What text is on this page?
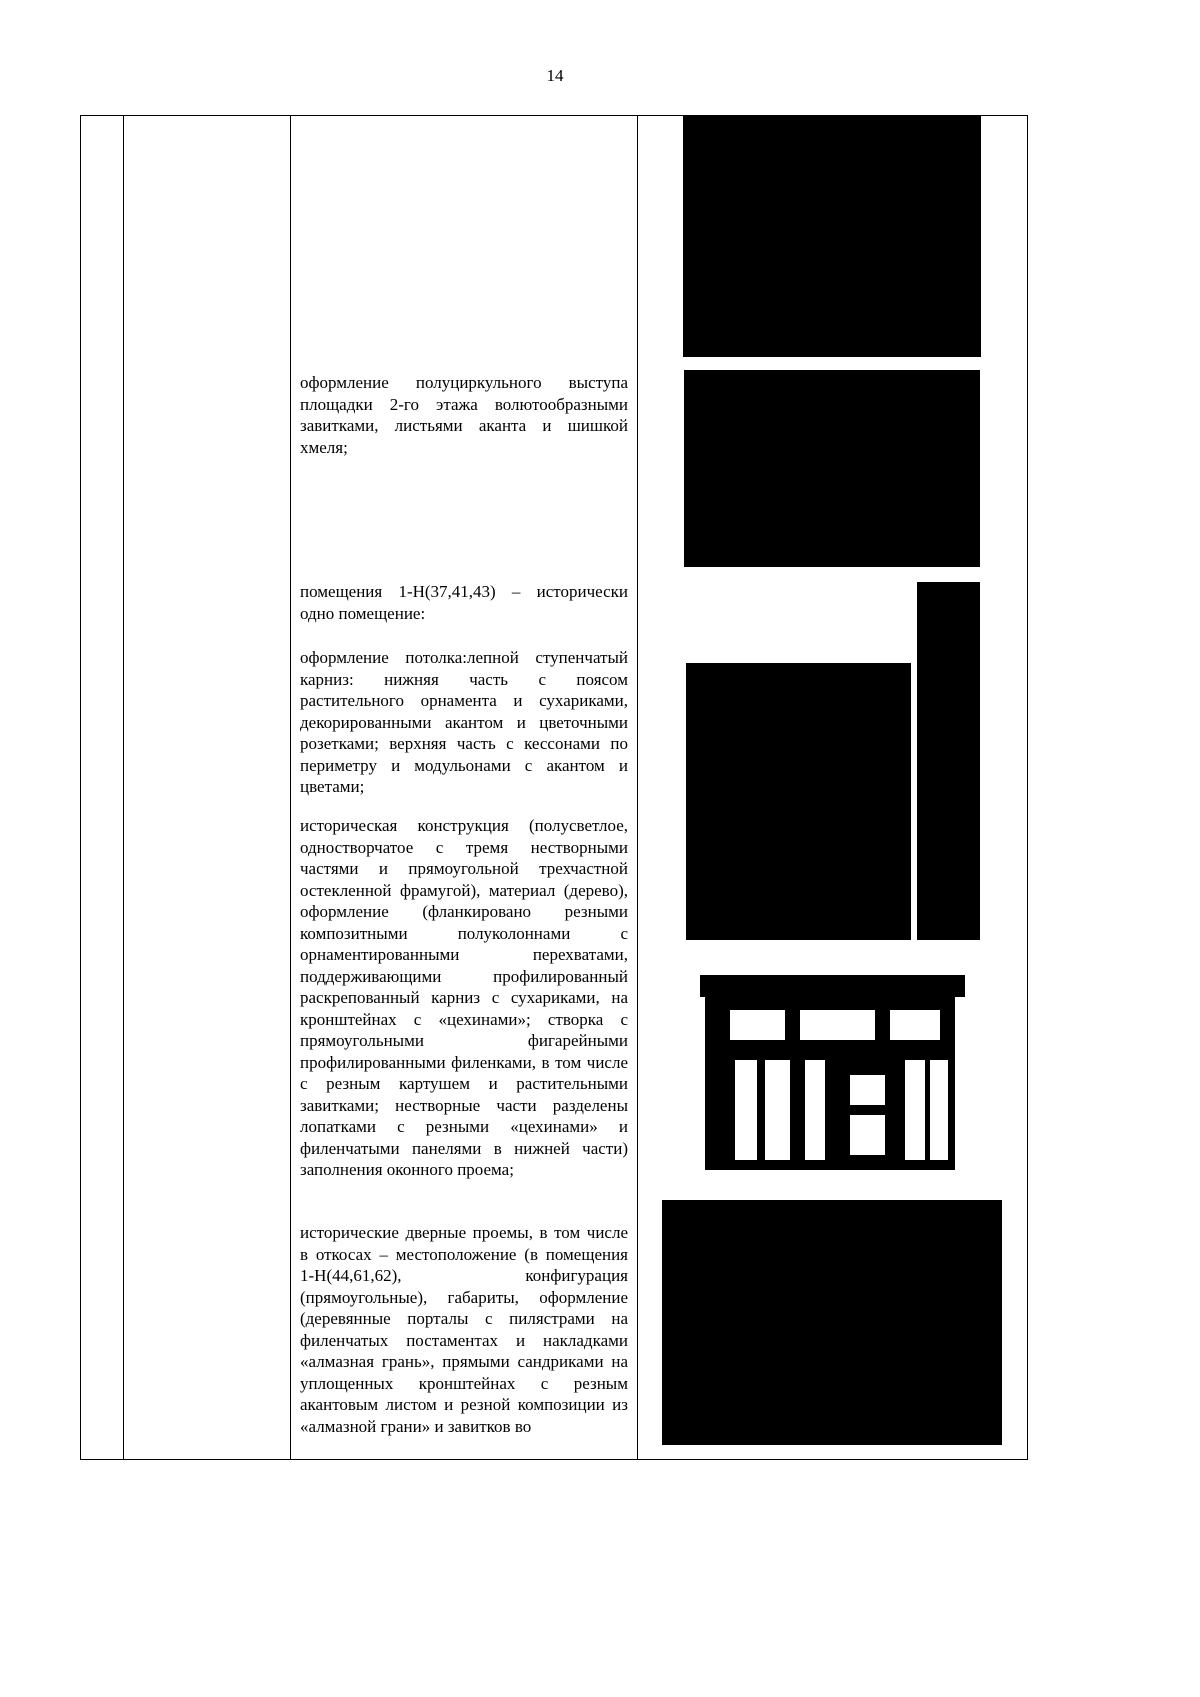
14
оформление полуциркульного выступа площадки 2-го этажа волютообразными завитками, листьями аканта и шишкой хмеля;
помещения 1-Н(37,41,43) – исторически одно помещение:
оформление потолка:лепной ступенчатый карниз: нижняя часть с поясом растительного орнамента и сухариками, декорированными акантом и цветочными розетками; верхняя часть с кессонами по периметру и модульонами с акантом и цветами;
историческая конструкция (полусветлое, одностворчатое с тремя нестворными частями и прямоугольной трехчастной остекленной фрамугой), материал (дерево), оформление (фланкировано резными композитными полуколоннами с орнаментированными перехватами, поддерживающими профилированный раскрепованный карниз с сухариками, на кронштейнах с «цехинами»; створка с прямоугольными фигарейными профилированными филенками, в том числе с резным картушем и растительными завитками; нестворные части разделены лопатками с резными «цехинами» и филенчатыми панелями в нижней части) заполнения оконного проема;
исторические дверные проемы, в том числе в откосах – местоположение (в помещения 1-Н(44,61,62), конфигурация (прямоугольные), габариты, оформление (деревянные порталы с пилястрами на филенчатых постаментах и накладками «алмазная грань», прямыми сандриками на уплощенных кронштейнах с резным акантовым листом и резной композиции из «алмазной грани» и завитков во
